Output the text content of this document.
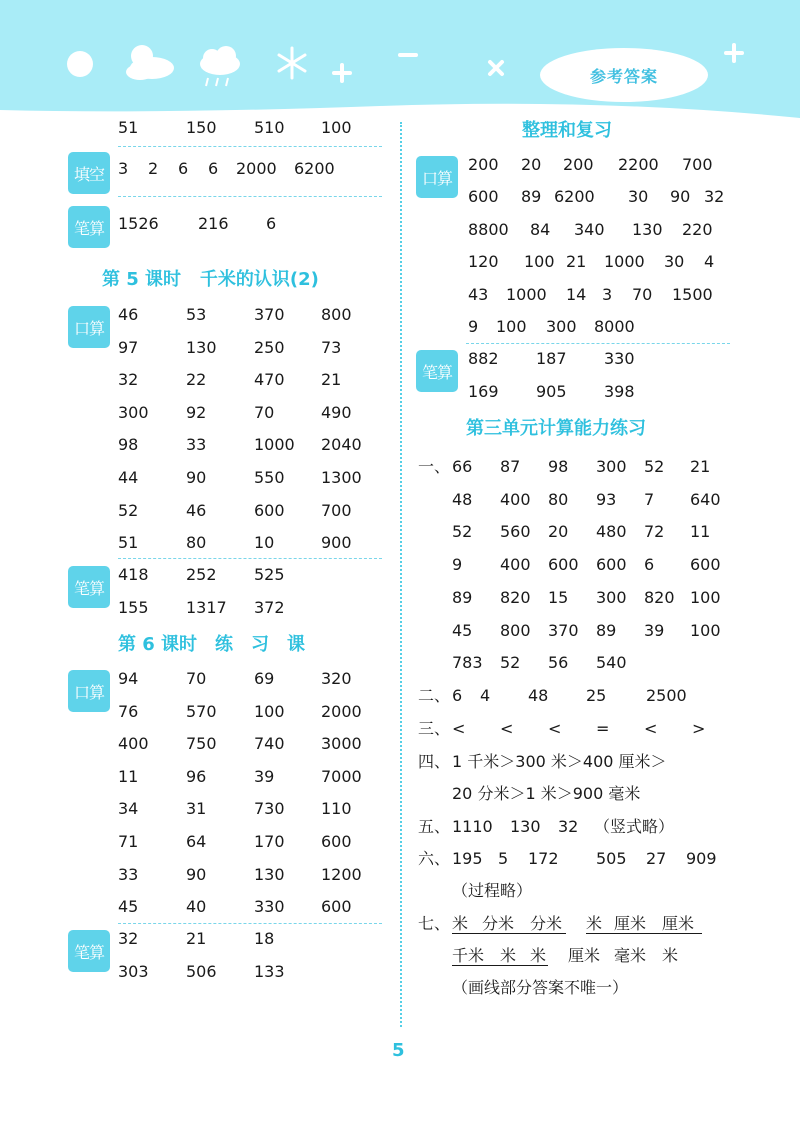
参考答案
51	150 510 100
填空 3 2 6 6 2000 6200
笔算 1526 216 6
第 5 课时 千米的认识(2)
口算
46	53	370 800
97	130 250 73
32	22	470 21
300 92	70	490
98	33	1000 2040
44	90	550 1300
52	46	600 700
51	80	10	900
笔算
418 252 525
155 1317 372
第 6 课时　练　习　课
口算
94	70	69	320
76	570 100 2000
400 750 740 3000
11	96	39	7000
34	31	730 110
71	64	170 600
33	90	130 1200
45	40	330 600
笔算
32	21	18
303 506 133
整理和复习
口算
200 20 200 2200 700
600 89 6200 30 90 32
8800 84 340 130 220
120 100 21 1000 30 4
43 1000 14 3 70 1500
9 100 300 8000
笔算
882 187 330
169 905 398
第三单元计算能力练习
一、 66 87 98 300 52 21
48 400 80 93 7 640
52 560 20 480 72 11
9 400 600 600 6 600
89 820 15 300 820 100
45 800 370 89 39 100
783 52 56 540
二、 6 4 48 25 2500
三、 < < < = < >
四、 1 千米＞300 米＞400 厘米＞
20 分米＞1 米＞900 毫米
五、 1110 130 32 （竖式略）
六、 195 5 172 505 27 909
（过程略）
七、 米 分米 分米 米 厘米 厘米
千米 米 米 厘米 毫米 米
（画线部分答案不唯一）
5
